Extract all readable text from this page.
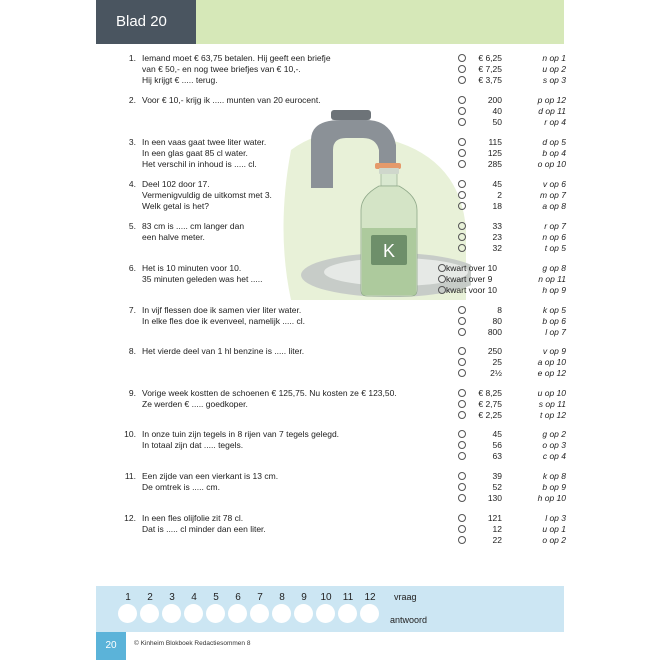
Blad 20
K
1. Iemand moet € 63,75 betalen. Hij geeft een briefje
van € 50,- en nog twee briefjes van € 10,-.
Hij krijgt € ..... terug.
€ 6,25	n op 1
€ 7,25	u op 2
€ 3,75	s op 3
2. Voor € 10,- krijg ik ..... munten van 20 eurocent.	200	p op 12
40	d op 11
50	r op 4
3. In een vaas gaat twee liter water.
In een glas gaat 85 cl water.
Het verschil in inhoud is ..... cl.
115	d op 5
125	b op 4
285	o op 10
4. Deel 102 door 17.
Vermenigvuldig de uitkomst met 3.
Welk getal is het?
45	v op 6
2	m op 7
18	a op 8
5. 83 cm is ..... cm langer dan
een halve meter.
33	r op 7
23	n op 6
32	t op 5
6. Het is 10 minuten voor 10.
35 minuten geleden was het .....
kwart over 10	g op 8
kwart over 9	n op 11
kwart voor 10	h op 9
7. In vijf flessen doe ik samen vier liter water.
In elke fles doe ik evenveel, namelijk ..... cl.
8	k op 5
80	b op 6
800	l op 7
8. Het vierde deel van 1 hl benzine is ..... liter.	250	v op 9
25	a op 10
2½	e op 12
9. Vorige week kostten de schoenen € 125,75. Nu kosten ze € 123,50.
Ze werden € ..... goedkoper.
€ 8,25	u op 10
€ 2,75	s op 11
€ 2,25	t op 12
10. In onze tuin zijn tegels in 8 rijen van 7 tegels gelegd.
In totaal zijn dat ..... tegels.
45	g op 2
56	o op 3
63	c op 4
11. Een zijde van een vierkant is 13 cm.
De omtrek is ..... cm.
39	k op 8
52	b op 9
130	h op 10
12. In een fles olijfolie zit 78 cl.
Dat is ..... cl minder dan een liter.
121	l op 3
12	u op 1
22	o op 2
1	2	3	4	5	6	7	8	9	10	11	12	vraag
antwoord
20	© Kinheim Blokboek Redactiesommen 8
